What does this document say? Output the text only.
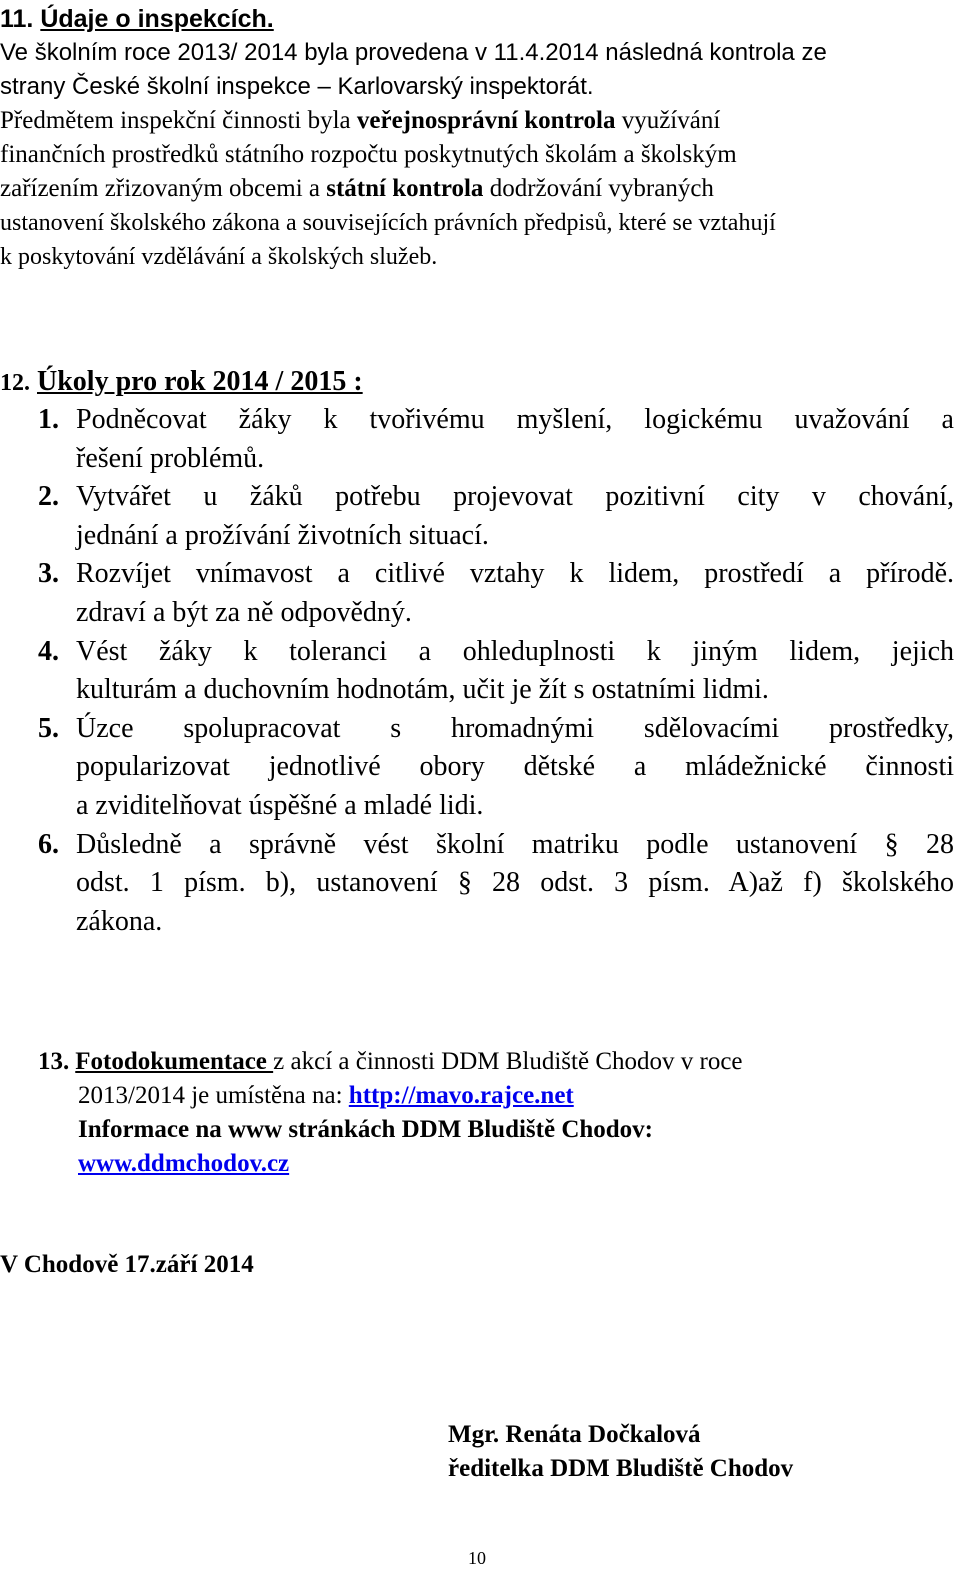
11. Údaje o inspekcích.
Ve školním roce 2013/ 2014 byla provedena v 11.4.2014 následná kontrola ze
strany České školní inspekce – Karlovarský inspektorát.
Předmětem inspekční činnosti byla veřejnosprávní kontrola využívání
finančních prostředků státního rozpočtu poskytnutých školám a školským
zařízením zřizovaným obcemi a státní kontrola dodržování vybraných
ustanovení školského zákona a souvisejících právních předpisů, které se vztahují
k poskytování vzdělávání a školských služeb.
12. Úkoly pro rok 2014 / 2015 :
1. Podněcovat žáky k tvořivému myšlení, logickému uvažování a
řešení problémů.
2. Vytvářet u žáků potřebu projevovat pozitivní city v chování,
jednání a prožívání životních situací.
3. Rozvíjet vnímavost a citlivé vztahy k lidem, prostředí a přírodě.
zdraví a být za ně odpovědný.
4. Vést žáky k toleranci a ohleduplnosti k jiným lidem, jejich
kulturám a duchovním hodnotám, učit je žít s ostatními lidmi.
5. Úzce spolupracovat s hromadnými sdělovacími prostředky,
popularizovat jednotlivé obory dětské a mládežnické činnosti
a zviditelňovat úspěšné a mladé lidi.
6. Důsledně a správně vést školní matriku podle ustanovení § 28
odst. 1 písm. b), ustanovení § 28 odst. 3 písm. A)až f) školského
zákona.
13. Fotodokumentace z akcí a činnosti DDM Bludiště Chodov v roce
2013/2014 je umístěna na: http://mavo.rajce.net
Informace na www stránkách DDM Bludiště Chodov:
www.ddmchodov.cz
V Chodově 17.září 2014
Mgr. Renáta Dočkalová
ředitelka DDM Bludiště Chodov
10
